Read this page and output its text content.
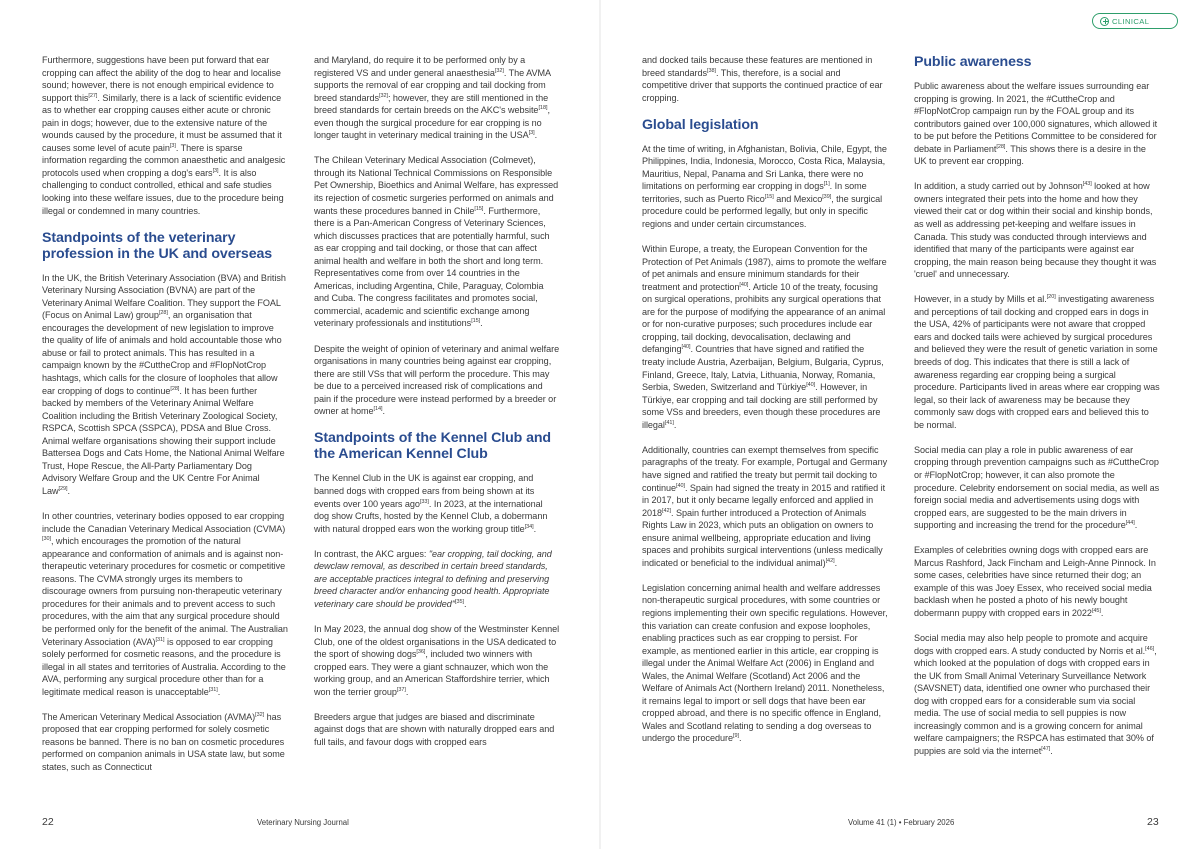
CLINICAL

Furthermore, suggestions have been put forward that ear cropping can affect the ability of the dog to hear and localise sound; however, there is not enough empirical evidence to support this[27]. Similarly, there is a lack of scientific evidence as to whether ear cropping causes either acute or chronic pain in dogs; however, due to the extensive nature of the wounds caused by the procedure, it must be assumed that it causes some level of acute pain[3]. There is sparse information regarding the common anaesthetic and analgesic protocols used when cropping a dog's ears[3]. It is also challenging to conduct controlled, ethical and safe studies looking into these welfare issues, due to the procedure being illegal or condemned in many countries.

Standpoints of the veterinary profession in the UK and overseas

In the UK, the British Veterinary Association (BVA) and British Veterinary Nursing Association (BVNA) are part of the Veterinary Animal Welfare Coalition. They support the FOAL (Focus on Animal Law) group[28], an organisation that encourages the development of new legislation to improve the quality of life of animals and hold accountable those who abuse or fail to protect animals. This has resulted in a campaign known by the #CuttheCrop and #FlopNotCrop hashtags, which calls for the closure of loopholes that allow ear cropping of dogs to continue[28]. It has been further backed by members of the Veterinary Animal Welfare Coalition including the British Veterinary Zoological Society, RSPCA, Scottish SPCA (SSPCA), PDSA and Blue Cross. Animal welfare organisations showing their support include Battersea Dogs and Cats Home, the National Animal Welfare Trust, Hope Rescue, the All-Party Parliamentary Dog Advisory Welfare Group and the UK Centre For Animal Law[29].

In other countries, veterinary bodies opposed to ear cropping include the Canadian Veterinary Medical Association (CVMA)[30], which encourages the promotion of the natural appearance and conformation of animals and is against non-therapeutic veterinary procedures for cosmetic or competitive reasons. The CVMA strongly urges its members to discourage owners from pursuing non-therapeutic veterinary procedures for their animals and to prevent access to such procedures, with the aim that any surgical procedure should be performed only for the benefit of the animal. The Australian Veterinary Association (AVA)[31] is opposed to ear cropping solely performed for cosmetic reasons, and the procedure is illegal in all states and territories of Australia. According to the AVA, performing any surgical procedure other than for a legitimate medical reason is unacceptable[31].

The American Veterinary Medical Association (AVMA)[32] has proposed that ear cropping performed for solely cosmetic reasons be banned. There is no ban on cosmetic procedures performed on companion animals in USA state law, but some states, such as Connecticut

and Maryland, do require it to be performed only by a registered VS and under general anaesthesia[32]. The AVMA supports the removal of ear cropping and tail docking from breed standards[32]; however, they are still mentioned in the breed standards for certain breeds on the AKC's website[18], even though the surgical procedure for ear cropping is no longer taught in veterinary medical training in the USA[3].

The Chilean Veterinary Medical Association (Colmevet), through its National Technical Commissions on Responsible Pet Ownership, Bioethics and Animal Welfare, has expressed its rejection of cosmetic surgeries performed on animals and wants these procedures banned in Chile[15]. Furthermore, there is a Pan-American Congress of Veterinary Sciences, which discusses practices that are potentially harmful, such as ear cropping and tail docking, or those that can affect animal health and welfare in both the short and long term. Representatives come from over 14 countries in the Americas, including Argentina, Chile, Paraguay, Colombia and Cuba. The congress facilitates and promotes social, commercial, academic and scientific exchange among veterinary professionals and institutions[15].

Despite the weight of opinion of veterinary and animal welfare organisations in many countries being against ear cropping, there are still VSs that will perform the procedure. This may be due to a perceived increased risk of complications and pain if the procedure were instead performed by a breeder or owner at home[14].

Standpoints of the Kennel Club and the American Kennel Club

The Kennel Club in the UK is against ear cropping, and banned dogs with cropped ears from being shown at its events over 100 years ago[33]. In 2023, at the international dog show Crufts, hosted by the Kennel Club, a dobermann with natural dropped ears won the working group title[34].

In contrast, the AKC argues: "ear cropping, tail docking, and dewclaw removal, as described in certain breed standards, are acceptable practices integral to defining and preserving breed character and/or enhancing good health. Appropriate veterinary care should be provided"[35].

In May 2023, the annual dog show of the Westminster Kennel Club, one of the oldest organisations in the USA dedicated to the sport of showing dogs[36], included two winners with cropped ears. They were a giant schnauzer, which won the working group, and an American Staffordshire terrier, which won the terrier group[37].

Breeders argue that judges are biased and discriminate against dogs that are shown with naturally dropped ears and full tails, and favour dogs with cropped ears

and docked tails because these features are mentioned in breed standards[38]. This, therefore, is a social and competitive driver that supports the continued practice of ear cropping.

Global legislation

At the time of writing, in Afghanistan, Bolivia, Chile, Egypt, the Philippines, India, Indonesia, Morocco, Costa Rica, Malaysia, Mauritius, Nepal, Panama and Sri Lanka, there were no limitations on performing ear cropping in dogs[1]. In some territories, such as Puerto Rico[15] and Mexico[39], the surgical procedure could be performed legally, but only in specific regions and under certain circumstances.

Within Europe, a treaty, the European Convention for the Protection of Pet Animals (1987), aims to promote the welfare of pet animals and ensure minimum standards for their treatment and protection[40]. Article 10 of the treaty, focusing on surgical operations, prohibits any surgical operations that are for the purpose of modifying the appearance of an animal or for non-curative purposes; such procedures include ear cropping, tail docking, devocalisation, declawing and defanging[40]. Countries that have signed and ratified the treaty include Austria, Azerbaijan, Belgium, Bulgaria, Cyprus, Finland, Greece, Italy, Latvia, Lithuania, Norway, Romania, Serbia, Sweden, Switzerland and Türkiye[40]. However, in Türkiye, ear cropping and tail docking are still performed by some VSs and breeders, even though these procedures are illegal[41].

Additionally, countries can exempt themselves from specific paragraphs of the treaty. For example, Portugal and Germany have signed and ratified the treaty but permit tail docking to continue[40]. Spain had signed the treaty in 2015 and ratified it in 2017, but it only became legally enforced and applied in 2018[42]. Spain further introduced a Protection of Animals Rights Law in 2023, which puts an obligation on owners to ensure animal wellbeing, appropriate education and living spaces and prohibits surgical interventions (unless medically indicated or beneficial to the individual animal)[42].

Legislation concerning animal health and welfare addresses non-therapeutic surgical procedures, with some countries or regions implementing their own specific regulations. However, this variation can create confusion and expose loopholes, enabling practices such as ear cropping to persist. For example, as mentioned earlier in this article, ear cropping is illegal under the Animal Welfare Act (2006) in England and Wales, the Animal Welfare (Scotland) Act 2006 and the Welfare of Animals Act (Northern Ireland) 2011. Nonetheless, it remains legal to import or sell dogs that have been ear cropped abroad, and there is no specific offence in England, Wales and Scotland relating to sending a dog overseas to undergo the procedure[9].

Public awareness

Public awareness about the welfare issues surrounding ear cropping is growing. In 2021, the #CuttheCrop and #FlopNotCrop campaign run by the FOAL group and its contributors gained over 100,000 signatures, which allowed it to be put before the Petitions Committee to be considered for debate in Parliament[28]. This shows there is a desire in the UK to prevent ear cropping.

In addition, a study carried out by Johnson[43] looked at how owners integrated their pets into the home and how they viewed their cat or dog within their social and kinship bonds, as well as addressing pet-keeping and welfare issues in Canada. This study was conducted through interviews and identified that many of the participants were against ear cropping, the main reason being because they thought it was 'cruel' and unnecessary.

However, in a study by Mills et al.[20] investigating awareness and perceptions of tail docking and cropped ears in dogs in the USA, 42% of participants were not aware that cropped ears and docked tails were achieved by surgical procedures and believed they were the result of genetic variation in some breeds of dog. This indicates that there is still a lack of awareness regarding ear cropping being a surgical procedure. Participants lived in areas where ear cropping was legal, so their lack of awareness may be because they commonly saw dogs with cropped ears and believed this to be normal.

Social media can play a role in public awareness of ear cropping through prevention campaigns such as #CuttheCrop or #FlopNotCrop; however, it can also promote the procedure. Celebrity endorsement on social media, as well as foreign social media and advertisements using dogs with cropped ears, are suggested to be the main drivers in supporting and increasing the trend for the procedure[44].

Examples of celebrities owning dogs with cropped ears are Marcus Rashford, Jack Fincham and Leigh-Anne Pinnock. In some cases, celebrities have since returned their dog; an example of this was Joey Essex, who received social media backlash when he posted a photo of his newly bought dobermann puppy with cropped ears in 2022[45].

Social media may also help people to promote and acquire dogs with cropped ears. A study conducted by Norris et al.[46], which looked at the population of dogs with cropped ears in the UK from Small Animal Veterinary Surveillance Network (SAVSNET) data, identified one owner who purchased their dog with cropped ears for a considerable sum via social media. The use of social media to sell puppies is now increasingly common and is a growing concern for animal welfare campaigners; the RSPCA has estimated that 30% of puppies are sold via the internet[47].

22	Veterinary Nursing Journal	Volume 41 (1) • February 2026	23
